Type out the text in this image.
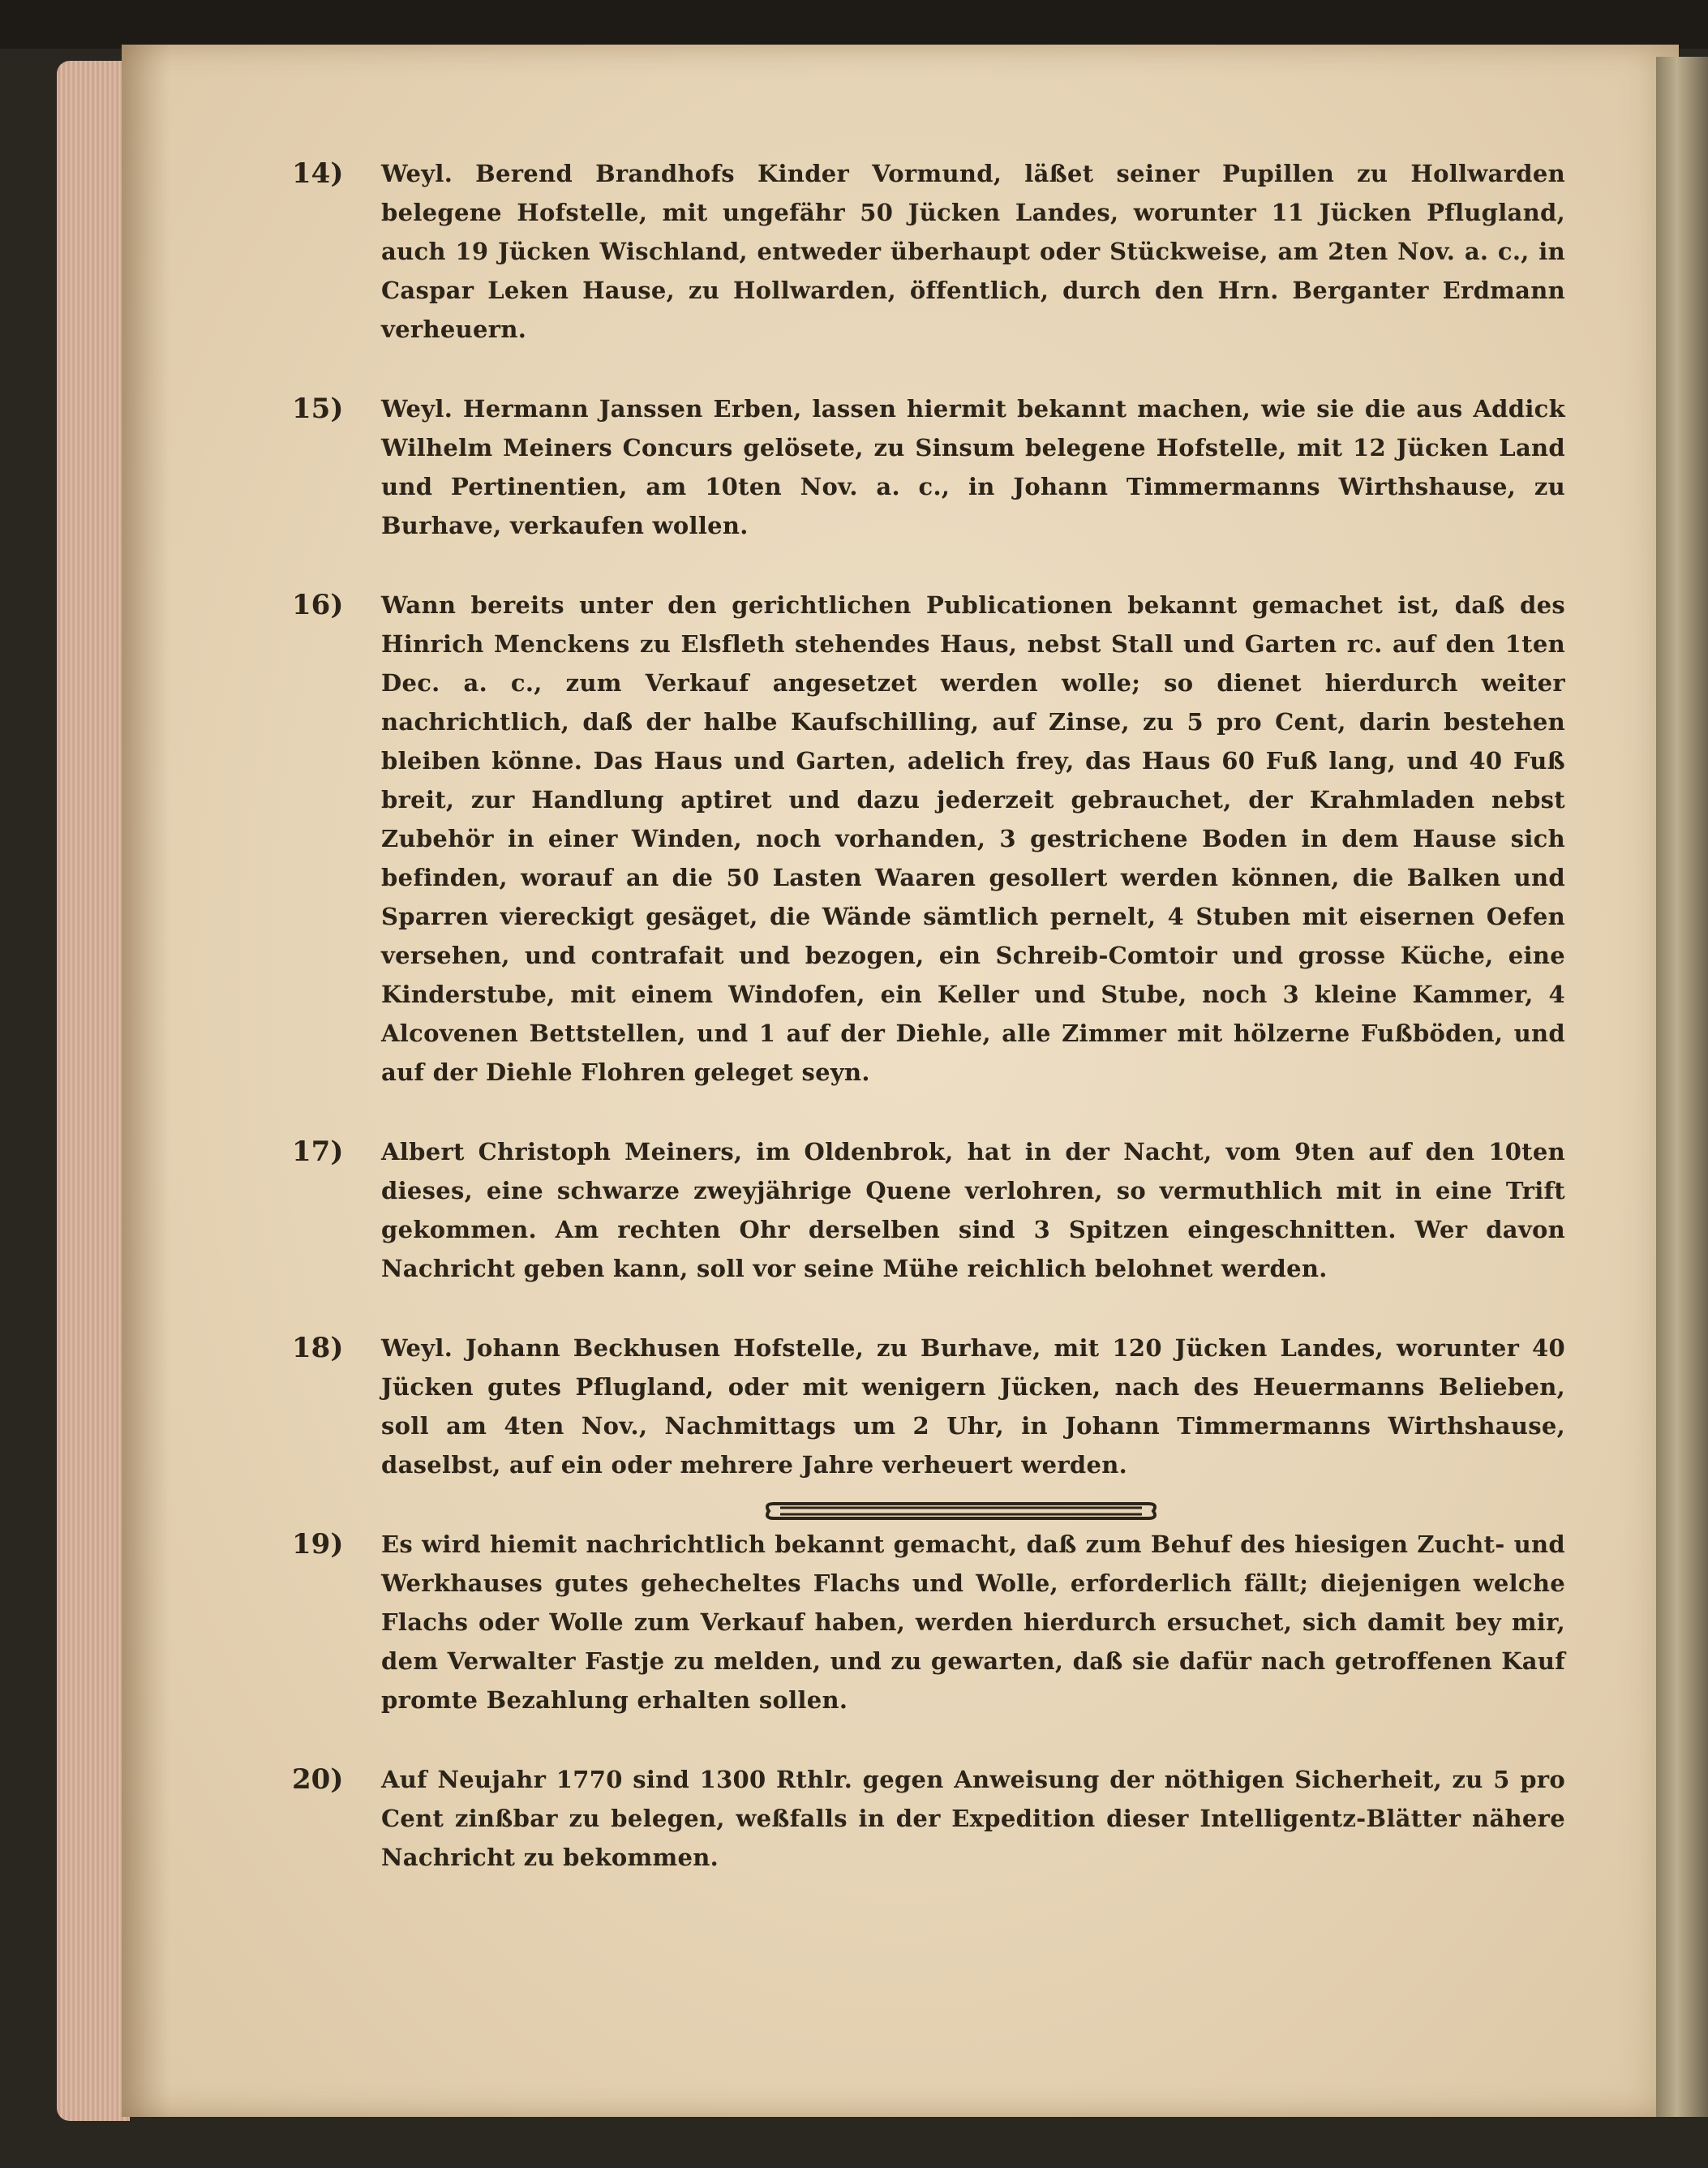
14)	Weyl. Berend Brandhofs Kinder Vormund, läßet seiner Pupillen zu Hollwarden belegene Hofstelle, mit ungefähr 50 Jücken Landes, worunter 11 Jücken Pflugland, auch 19 Jücken Wischland, entweder überhaupt oder Stückweise, am 2ten Nov. a. c., in Caspar Leken Hause, zu Hollwarden, öffentlich, durch den Hrn. Berganter Erdmann verheuern.
15)	Weyl. Hermann Janssen Erben, lassen hiermit bekannt machen, wie sie die aus Addick Wilhelm Meiners Concurs gelösete, zu Sinsum belegene Hofstelle, mit 12 Jücken Land und Pertinentien, am 10ten Nov. a. c., in Johann Timmermanns Wirthshause, zu Burhave, verkaufen wollen.
16)	Wann bereits unter den gerichtlichen Publicationen bekannt gemachet ist, daß des Hinrich Menckens zu Elsfleth stehendes Haus, nebst Stall und Garten rc. auf den 1ten Dec. a. c., zum Verkauf angesetzet werden wolle; so dienet hierdurch weiter nachrichtlich, daß der halbe Kaufschilling, auf Zinse, zu 5 pro Cent, darin bestehen bleiben könne. Das Haus und Garten, adelich frey, das Haus 60 Fuß lang, und 40 Fuß breit, zur Handlung aptiret und dazu jederzeit gebrauchet, der Krahmladen nebst Zubehör in einer Winden, noch vorhanden, 3 gestrichene Boden in dem Hause sich befinden, worauf an die 50 Lasten Waaren gesollert werden können, die Balken und Sparren viereckigt gesäget, die Wände sämtlich pernelt, 4 Stuben mit eisernen Oefen versehen, und contrafait und bezogen, ein Schreib-Comtoir und grosse Küche, eine Kinderstube, mit einem Windofen, ein Keller und Stube, noch 3 kleine Kammer, 4 Alcovenen Bettstellen, und 1 auf der Diehle, alle Zimmer mit hölzerne Fußböden, und auf der Diehle Flohren geleget seyn.
17)	Albert Christoph Meiners, im Oldenbrok, hat in der Nacht, vom 9ten auf den 10ten dieses, eine schwarze zweyjährige Quene verlohren, so vermuthlich mit in eine Trift gekommen. Am rechten Ohr derselben sind 3 Spitzen eingeschnitten. Wer davon Nachricht geben kann, soll vor seine Mühe reichlich belohnet werden.
18)	Weyl. Johann Beckhusen Hofstelle, zu Burhave, mit 120 Jücken Landes, worunter 40 Jücken gutes Pflugland, oder mit wenigern Jücken, nach des Heuermanns Belieben, soll am 4ten Nov., Nachmittags um 2 Uhr, in Johann Timmermanns Wirthshause, daselbst, auf ein oder mehrere Jahre verheuert werden.
19)	Es wird hiemit nachrichtlich bekannt gemacht, daß zum Behuf des hiesigen Zucht- und Werkhauses gutes gehecheltes Flachs und Wolle, erforderlich fällt; diejenigen welche Flachs oder Wolle zum Verkauf haben, werden hierdurch ersuchet, sich damit bey mir, dem Verwalter Fastje zu melden, und zu gewarten, daß sie dafür nach getroffenen Kauf promte Bezahlung erhalten sollen.
20)	Auf Neujahr 1770 sind 1300 Rthlr. gegen Anweisung der nöthigen Sicherheit, zu 5 pro Cent zinßbar zu belegen, weßfalls in der Expedition dieser Intelligentz-Blätter nähere Nachricht zu bekommen.
